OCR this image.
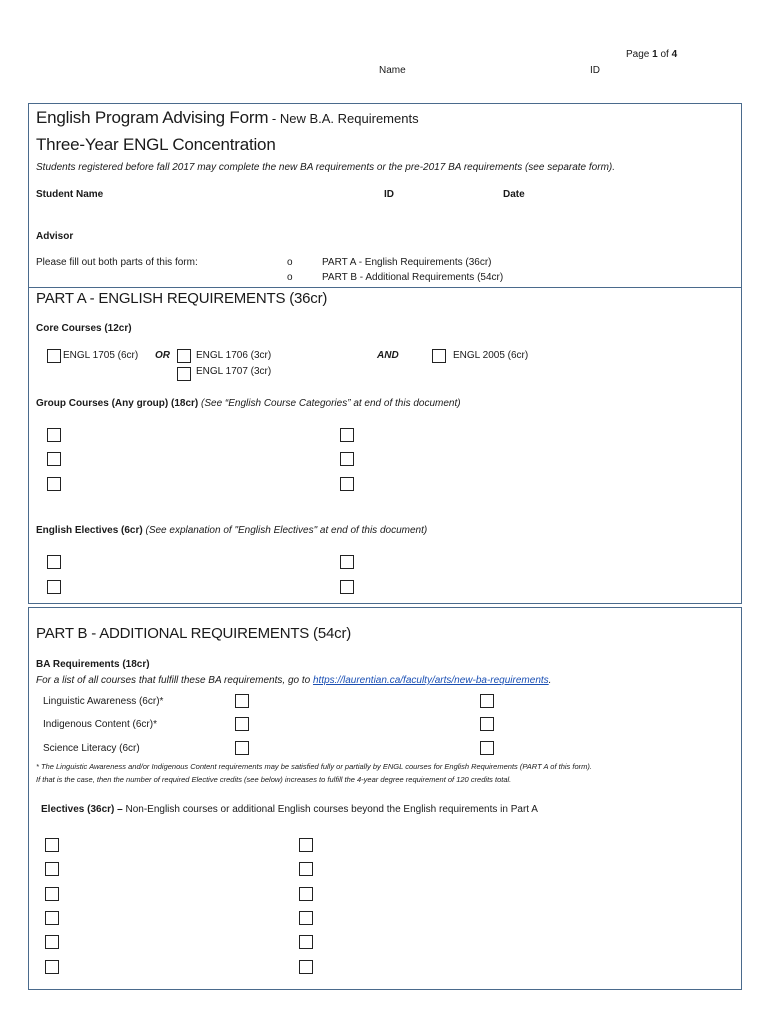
Page 1 of 4
Name	ID
English Program Advising Form - New B.A. Requirements
Three-Year ENGL Concentration
Students registered before fall 2017 may complete the new BA requirements or the pre-2017 BA requirements (see separate form).
Student Name	ID	Date
Advisor
Please fill out both parts of this form:	o	PART A - English Requirements (36cr)
o	PART B - Additional Requirements (54cr)
PART A - ENGLISH REQUIREMENTS (36cr)
Core Courses (12cr)
ENGL 1705 (6cr) OR	ENGL 1706 (3cr)
ENGL 1707 (3cr)
AND	ENGL 2005 (6cr)
Group Courses (Any group) (18cr) (See “English Course Categories” at end of this document)
English Electives (6cr) (See explanation of "English Electives" at end of this document)
PART B - ADDITIONAL REQUIREMENTS (54cr)
BA Requirements (18cr)
For a list of all courses that fulfill these BA requirements, go to https://laurentian.ca/faculty/arts/new-ba-requirements.
Linguistic Awareness (6cr)*
Indigenous Content (6cr)*
Science Literacy (6cr)
* The Linguistic Awareness and/or Indigenous Content requirements may be satisfied fully or partially by ENGL courses for English Requirements (PART A of this form).
If that is the case, then the number of required Elective credits (see below) increases to fulfill the 4-year degree requirement of 120 credits total.
Electives (36cr) – Non-English courses or additional English courses beyond the English requirements in Part A
